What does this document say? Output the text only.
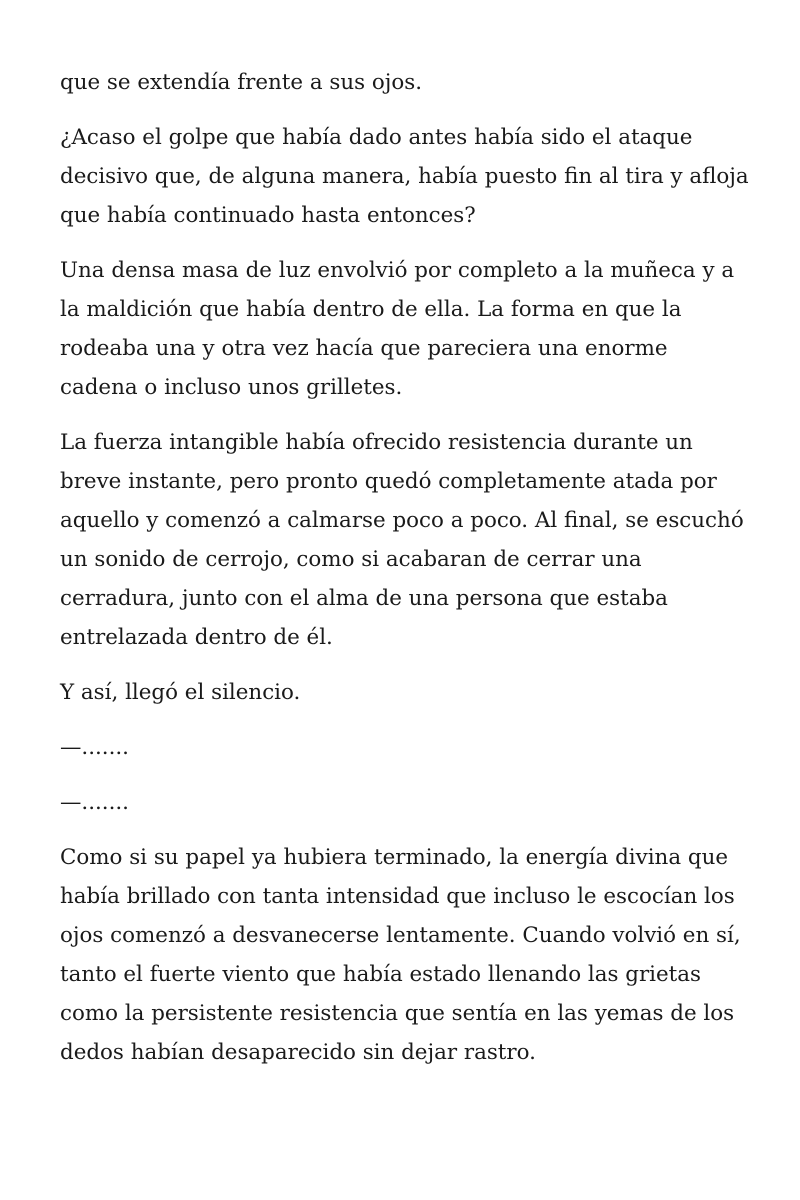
que se extendía frente a sus ojos.

¿Acaso el golpe que había dado antes había sido el ataque decisivo que, de alguna manera, había puesto fin al tira y afloja que había continuado hasta entonces?

Una densa masa de luz envolvió por completo a la muñeca y a la maldición que había dentro de ella. La forma en que la rodeaba una y otra vez hacía que pareciera una enorme cadena o incluso unos grilletes.

La fuerza intangible había ofrecido resistencia durante un breve instante, pero pronto quedó completamente atada por aquello y comenzó a calmarse poco a poco. Al final, se escuchó un sonido de cerrojo, como si acabaran de cerrar una cerradura, junto con el alma de una persona que estaba entrelazada dentro de él.

Y así, llegó el silencio.

—.......

—.......

Como si su papel ya hubiera terminado, la energía divina que había brillado con tanta intensidad que incluso le escocían los ojos comenzó a desvanecerse lentamente. Cuando volvió en sí, tanto el fuerte viento que había estado llenando las grietas como la persistente resistencia que sentía en las yemas de los dedos habían desaparecido sin dejar rastro.
